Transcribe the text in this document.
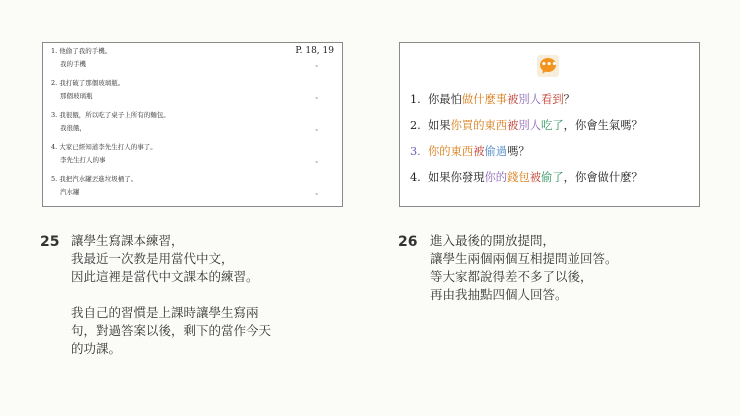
P. 18, 19
1. 他偷了我的手機。
我的手機	。
2. 我打破了那個玻璃瓶。
那個玻璃瓶	。
3. 我很餓，所以吃了桌子上所有的麵包。
我很餓，	。
4. 大家已經知道李先生打人的事了。
李先生打人的事	。
5. 我把汽水罐丟進垃圾桶了。
汽水罐	。
•••
1. 你最怕做什麼事被別人看到？
2. 如果你買的東西被別人吃了，你會生氣嗎？
3. 你的東西被偷過嗎？
4. 如果你發現你的錢包被偷了，你會做什麼？
25 讓學生寫課本練習，

我最近一次教是用當代中文，

因此這裡是當代中文課本的練習。

我自己的習慣是上課時讓學生寫兩

句，對過答案以後，剩下的當作今天

的功課。

26 進入最後的開放提問，

讓學生兩個兩個互相提問並回答。

等大家都說得差不多了以後，

再由我抽點四個人回答。
